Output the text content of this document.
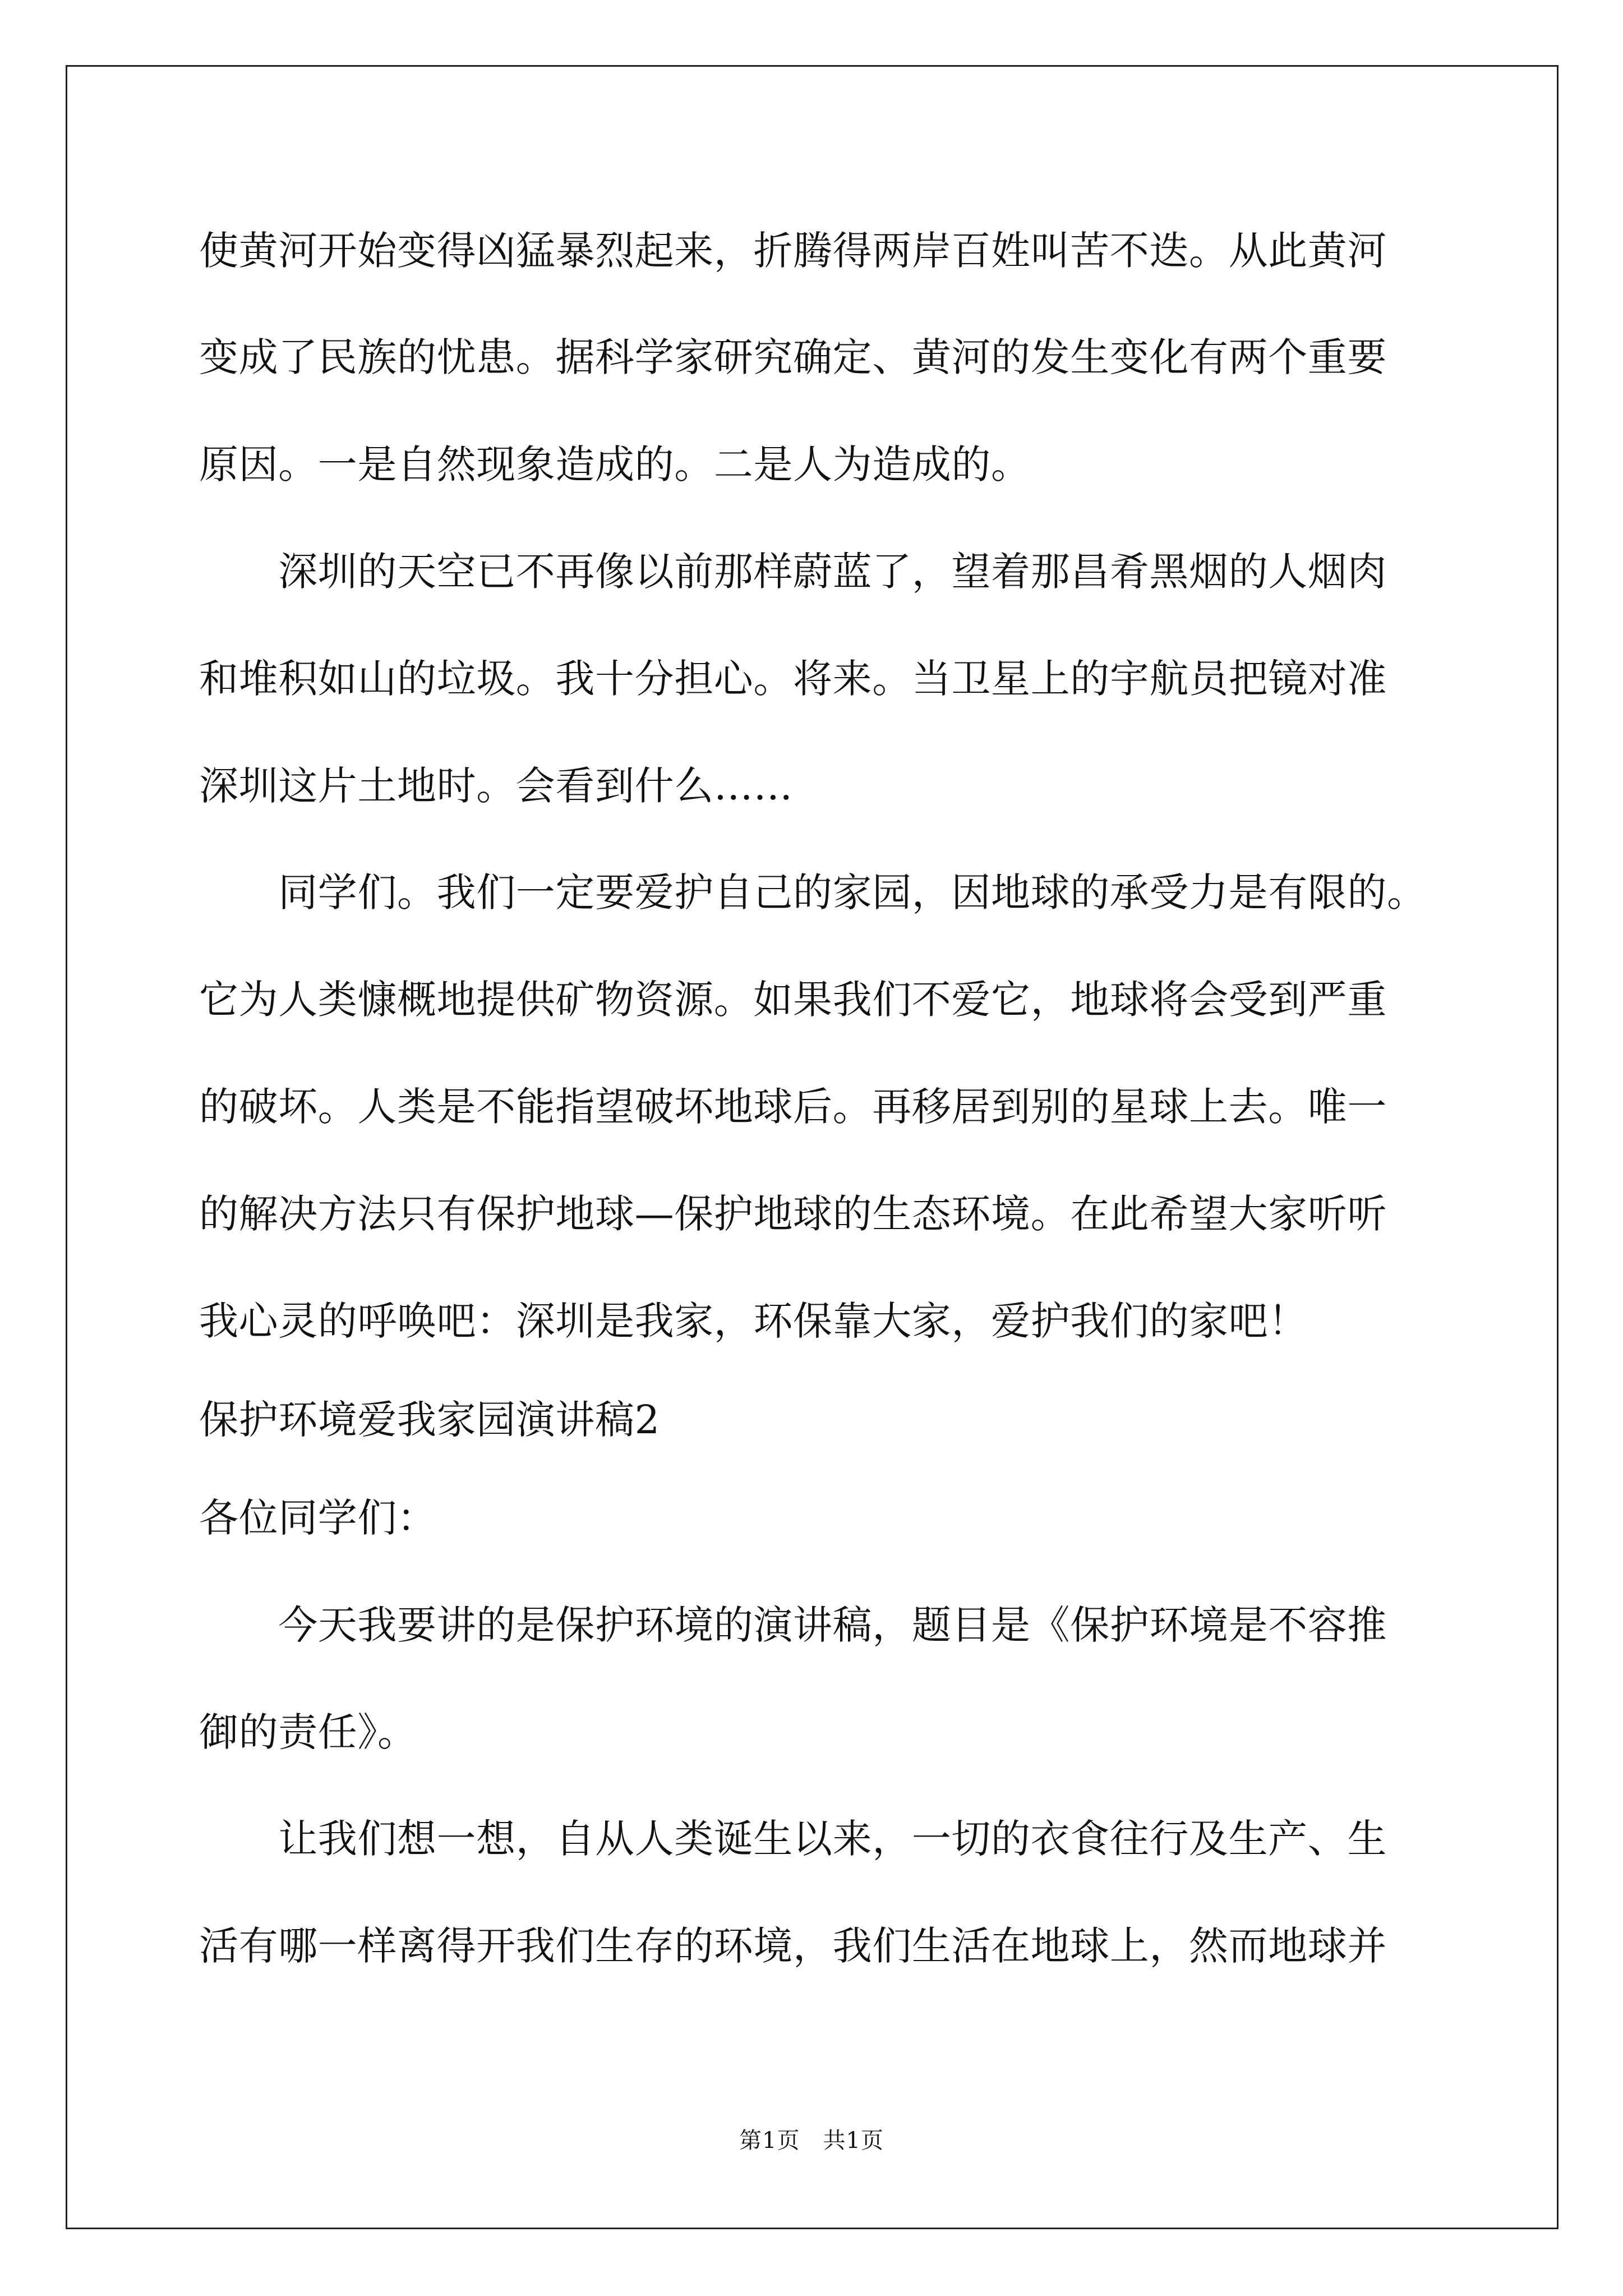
使黄河开始变得凶猛暴烈起来，折腾得两岸百姓叫苦不迭。从此黄河
变成了民族的忧患。据科学家研究确定、黄河的发生变化有两个重要
原因。一是自然现象造成的。二是人为造成的。
　　深圳的天空已不再像以前那样蔚蓝了，望着那昌肴黑烟的人烟肉
和堆积如山的垃圾。我十分担心。将来。当卫星上的宇航员把镜对准
深圳这片土地时。会看到什么……
　　同学们。我们一定要爱护自己的家园，因地球的承受力是有限的。
它为人类慷概地提供矿物资源。如果我们不爱它，地球将会受到严重
的破坏。人类是不能指望破坏地球后。再移居到别的星球上去。唯一
的解决方法只有保护地球—保护地球的生态环境。在此希望大家听听
我心灵的呼唤吧：深圳是我家，环保靠大家，爱护我们的家吧！
保护环境爱我家园演讲稿2
各位同学们：
　　今天我要讲的是保护环境的演讲稿，题目是《保护环境是不容推
御的责任》。
　　让我们想一想，自从人类诞生以来，一切的衣食往行及生产、生
活有哪一样离得开我们生存的环境，我们生活在地球上，然而地球并
第1页　共1页
